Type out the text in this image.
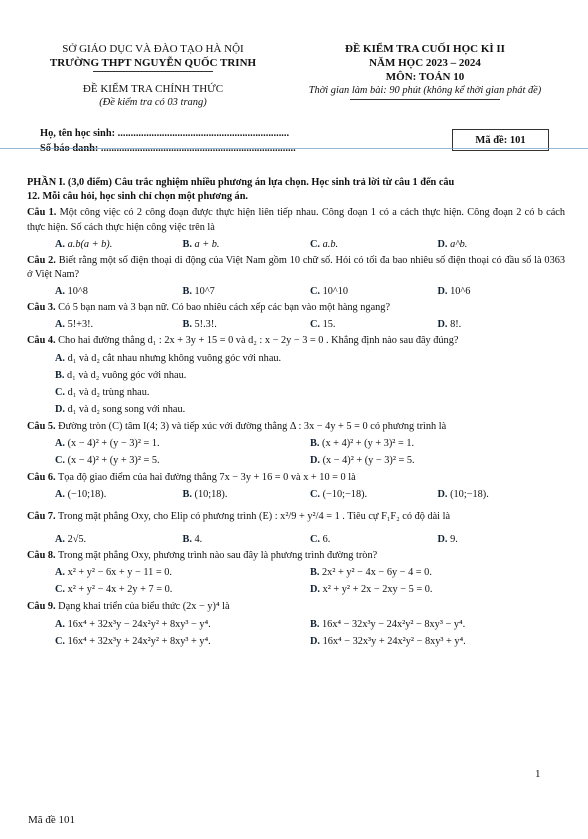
SỞ GIÁO DỤC VÀ ĐÀO TẠO HÀ NỘI
TRƯỜNG THPT NGUYỄN QUỐC TRINH
ĐỀ KIỂM TRA CHÍNH THỨC
(Đề kiểm tra có 03 trang)
ĐỀ KIỂM TRA CUỐI HỌC KÌ II
NĂM HỌC 2023 – 2024
MÔN: TOÁN 10
Thời gian làm bài: 90 phút (không kể thời gian phát đề)
Họ, tên học sinh: ..................................................................
Mã đề: 101

PHẦN I. (3,0 điểm) Câu trắc nghiệm nhiều phương án lựa chọn. Học sinh trả lời từ câu 1 đến câu
12. Mỗi câu hỏi, học sinh chỉ chọn một phương án.

Câu 1. Một công việc có 2 công đoạn được thực hiện liên tiếp nhau. Công đoạn 1 có a cách thực hiện. Công đoạn 2 có b cách thực hiện. Số cách thực hiện công việc trên là

A. a.b(a + b).	B. a + b.	C. a.b.	D. a^b.

Câu 2. Biết rằng một số điện thoại di động của Việt Nam gồm 10 chữ số. Hỏi có tối đa bao nhiêu số điện thoại có đầu số là 0363 ở Việt Nam?

A. 10^8	B. 10^7	C. 10^10	D. 10^6

Câu 3. Có 5 bạn nam và 3 bạn nữ. Có bao nhiêu cách xếp các bạn vào một hàng ngang?

A. 5!+3!.	B. 5!.3!.	C. 15.	D. 8!.

Câu 4. Cho hai đường thẳng d₁ : 2x + 3y + 15 = 0 và d₂ : x − 2y − 3 = 0 . Khẳng định nào sau đây đúng?

A. d₁ và d₂ cắt nhau nhưng không vuông góc với nhau.
B. d₁ và d₂ vuông góc với nhau.
C. d₁ và d₂ trùng nhau.
D. d₁ và d₂ song song với nhau.

Câu 5. Đường tròn (C) tâm I(4; 3) và tiếp xúc với đường thẳng Δ : 3x − 4y + 5 = 0 có phương trình là

A. (x − 4)² + (y − 3)² = 1.	B. (x + 4)² + (y + 3)² = 1.
C. (x − 4)² + (y + 3)² = 5.	D. (x − 4)² + (y − 3)² = 5.

Câu 6. Tọa độ giao điểm của hai đường thẳng 7x − 3y + 16 = 0 và x + 10 = 0 là

A. (−10;18).	B. (10;18).	C. (−10;−18).	D. (10;−18).

Câu 7. Trong mặt phẳng Oxy, cho Elip có phương trình (E) : x²/9 + y²/4 = 1 . Tiêu cự F₁F₂ có độ dài là

A. 2√5.	B. 4.	C. 6.	D. 9.

Câu 8. Trong mặt phẳng Oxy, phương trình nào sau đây là phương trình đường tròn?

A. x² + y² − 6x + y − 11 = 0.	B. 2x² + y² − 4x − 6y − 4 = 0.
C. x² + y² − 4x + 2y + 7 = 0.	D. x² + y² + 2x − 2xy − 5 = 0.

Câu 9. Dạng khai triển của biểu thức (2x − y)⁴ là

A. 16x⁴ + 32x³y − 24x²y² + 8xy³ − y⁴.	B. 16x⁴ − 32x³y − 24x²y² − 8xy³ − y⁴.
C. 16x⁴ + 32x³y + 24x²y² + 8xy³ + y⁴.	D. 16x⁴ − 32x³y + 24x²y² − 8xy³ + y⁴.
1
Mã đề 101
